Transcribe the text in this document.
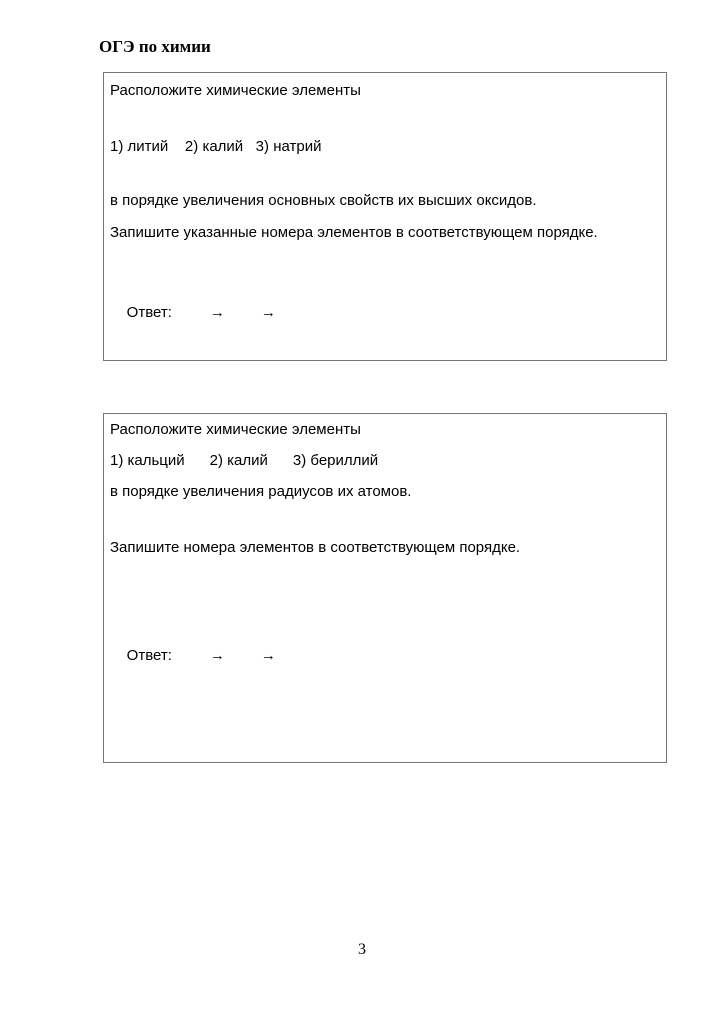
ОГЭ по химии
Расположите химические элементы
1) литий    2) калий   3) натрий
в порядке увеличения основных свойств их высших оксидов.
Запишите указанные номера элементов в соответствующем порядке.

Ответ:	→ →

Расположите химические элементы
1) кальций      2) калий      3) бериллий
в порядке увеличения радиусов их атомов.
Запишите номера элементов в соответствующем порядке.

Ответ:	→ →

3
